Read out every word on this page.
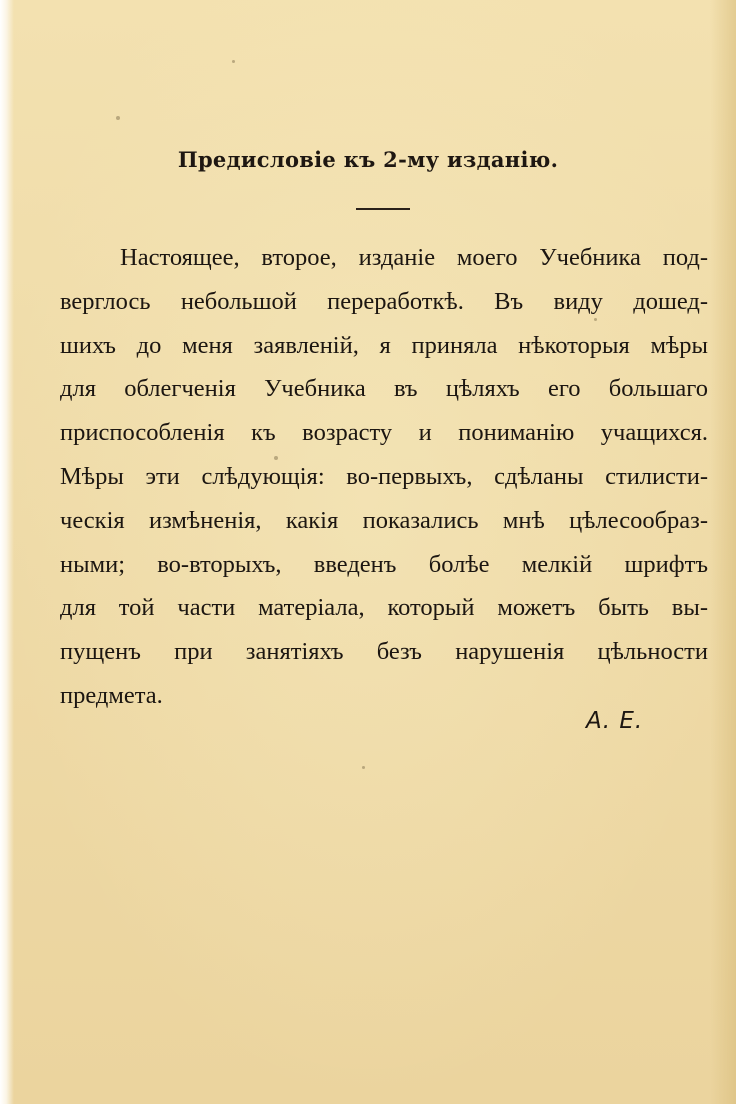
Предисловіе къ 2-му изданію.
Настоящее, второе, изданіе моего Учебника под-
верглось небольшой переработкѣ. Въ виду дошед-
шихъ до меня заявленій, я приняла нѣкоторыя мѣры
для облегченія Учебника въ цѣляхъ его большаго
приспособленія къ возрасту и пониманію учащихся.
Мѣры эти слѣдующія: во-первыхъ, сдѣланы стилисти-
ческія измѣненія, какія показались мнѣ цѣлесообраз-
ными; во-вторыхъ, введенъ болѣе мелкій шрифтъ
для той части матеріала, который можетъ быть вы-
пущенъ при занятіяхъ безъ нарушенія цѣльности
предмета.
А. Е.
